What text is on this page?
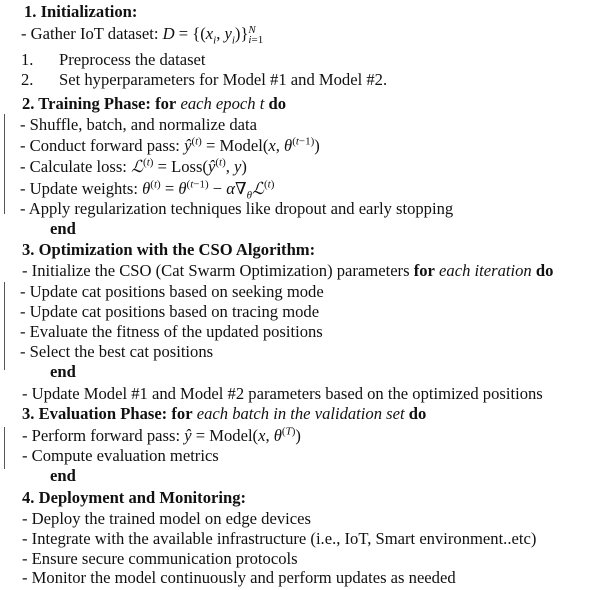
1. Initialization:
- Gather IoT dataset: $D = \{(x_i$, $y_i$)} N
i=1
1. Preprocess the dataset
2. Set hyperparameters for Model #1 and Model #2.
2. Training Phase: for each epoch t do
- Shuffle, batch, and normalize data
- Conduct forward pass: $ŷ^{(t)}$ = Model(x, $\theta^{(t-1)}$)
- Calculate loss: ℒ$^{(t)}$ = $Loss(ŷ^{(t)}$, y)
- Update weights: $\theta^{(t)} = \theta^{(t-1)}$ − $\alpha\nabla_\theta ℒ^{(t)}$
- Apply regularization techniques like dropout and early stopping
end
3. Optimization with the CSO Algorithm:
- Initialize the CSO (Cat Swarm Optimization) parameters for each iteration do
- Update cat positions based on seeking mode
- Update cat positions based on tracing mode
- Evaluate the fitness of the updated positions
- Select the best cat positions
end
- Update Model #1 and Model #2 parameters based on the optimized positions
3. Evaluation Phase: for each batch in the validation set do
- Perform forward pass: ŷ = Model(x, $\theta^{(T)}$)
- Compute evaluation metrics
end
4. Deployment and Monitoring:
- Deploy the trained model on edge devices
- Integrate with the available infrastructure (i.e., IoT, Smart environment..etc)
- Ensure secure communication protocols
- Monitor the model continuously and perform updates as needed
